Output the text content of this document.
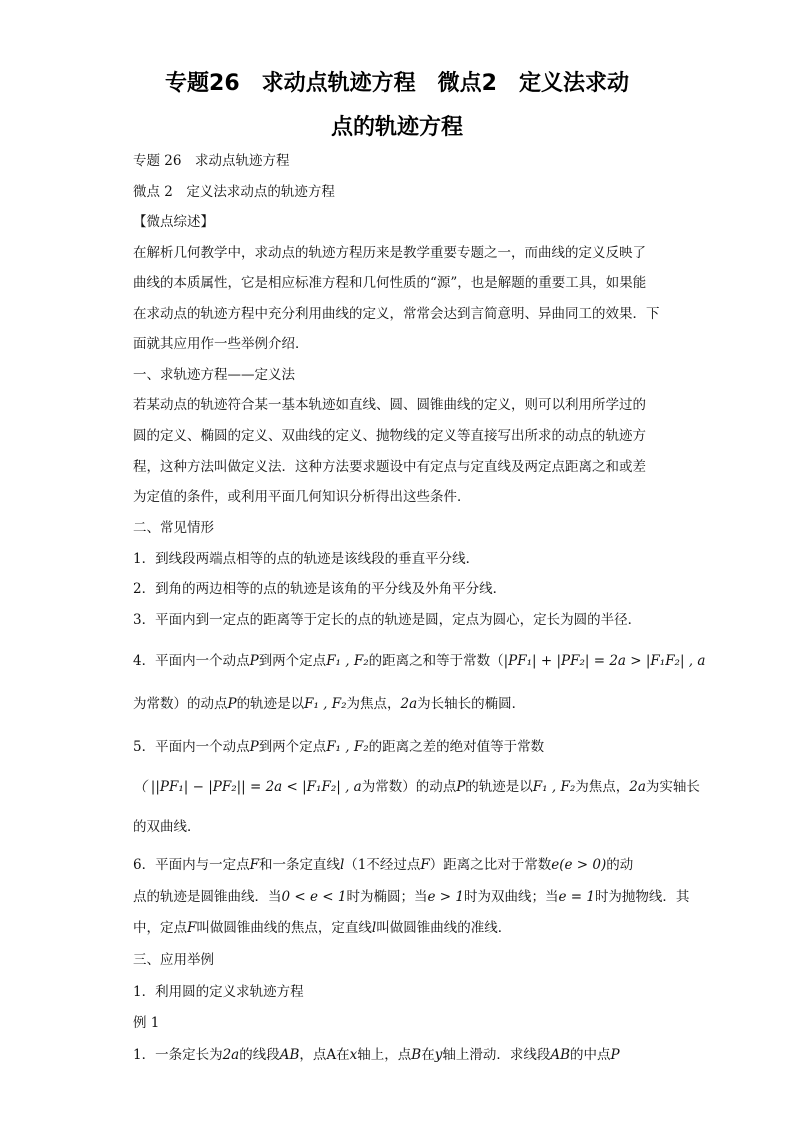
专题26　求动点轨迹方程　微点2　定义法求动
点的轨迹方程
专题 26　求动点轨迹方程
微点 2　定义法求动点的轨迹方程
【微点综述】
在解析几何教学中，求动点的轨迹方程历来是教学重要专题之一，而曲线的定义反映了
曲线的本质属性，它是相应标准方程和几何性质的“源”，也是解题的重要工具，如果能
在求动点的轨迹方程中充分利用曲线的定义，常常会达到言简意明、异曲同工的效果．下
面就其应用作一些举例介绍．
一、求轨迹方程——定义法
若某动点的轨迹符合某一基本轨迹如直线、圆、圆锥曲线的定义，则可以利用所学过的
圆的定义、椭圆的定义、双曲线的定义、抛物线的定义等直接写出所求的动点的轨迹方
程，这种方法叫做定义法．这种方法要求题设中有定点与定直线及两定点距离之和或差
为定值的条件，或利用平面几何知识分析得出这些条件．
二、常见情形
1．到线段两端点相等的点的轨迹是该线段的垂直平分线．
2．到角的两边相等的点的轨迹是该角的平分线及外角平分线．
3．平面内到一定点的距离等于定长的点的轨迹是圆，定点为圆心，定长为圆的半径．
4．平面内一个动点P到两个定点F₁ , F₂的距离之和等于常数（|PF₁| + |PF₂| = 2a > |F₁F₂| , a
为常数）的动点P的轨迹是以F₁ , F₂为焦点，2a为长轴长的椭圆．
5．平面内一个动点P到两个定点F₁ , F₂的距离之差的绝对值等于常数
（ ||PF₁| − |PF₂|| = 2a < |F₁F₂| , a为常数）的动点P的轨迹是以F₁ , F₂为焦点，2a为实轴长
的双曲线．
6．平面内与一定点F和一条定直线l（1不经过点F）距离之比对于常数e(e > 0)的动
点的轨迹是圆锥曲线．当0 < e < 1时为椭圆；当e > 1时为双曲线；当e = 1时为抛物线．其
中，定点F叫做圆锥曲线的焦点，定直线l叫做圆锥曲线的准线．
三、应用举例
1．利用圆的定义求轨迹方程
例 1
1．一条定长为2a的线段AB，点A在x轴上，点B在y轴上滑动．求线段AB的中点P
